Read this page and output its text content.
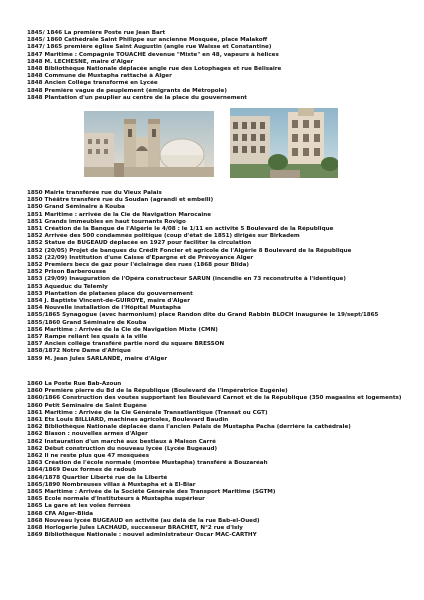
1845/ 1846 La première Poste rue Jean Bart
1845/ 1860 Cathédrale Saint Philippe sur ancienne Mosquée, place Malakoff
1847/ 1865 première église Saint Augustin (angle rue Waïsse et Constantine)
1847 Maritime : Compagnie TOUACHE devenue "Mixte" en 48, vapeurs à hélices
1848 M. LECHESNE, maire d'Alger
1848 Bibliothèque Nationale déplacée angle rue des Lotophages et rue Bélisaire
1848 Commune de Mustapha rattaché à Alger
1848 Ancien Collège transformé en Lycée
1848 Première vague de peuplement (émigrants de Métropole)
1848 Plantation d'un peuplier au centre de la place du gouvernement
1850 Mairie transférée rue du Vieux Palais
1850 Théâtre transféré rue du Soudan (agrandi et embelli)
1850 Grand Séminaire à Kouba
1851 Maritime : arrivée de la Cie de Navigation Marocaine
1851 Grands immeubles en haut tournants Rovigo
1851 Création de la Banque de l'Algérie le 4/08 : le 1/11 en activité 5 Boulevard de la République
1852 Arrivée des 500 condamnés politique (coup d'état de 1851) dirigés sur Birkadem
1852 Statue de BUGEAUD déplacée en 1927 pour faciliter la circulation
1852 (20/05) Projet de banques du Crédit Foncier et agricole de l'Algérie 8 Boulevard de la République
1852 (22/09) Institution d'une Caisse d'Epargne et de Prévoyance Alger
1852 Premiers becs de gaz pour l'éclairage des rues (1868 pour Blida)
1852 Prison Barberousse
1853 (29/09) Inauguration de l'Opéra constructeur SARUN (incendie en 73 reconstruite à l'identique)
1853 Aqueduc du Télemly
1853 Plantation de platanes place du gouvernement
1854 J. Baptiste Vincent-de-GUIROYE, maire d'Alger
1854 Nouvelle installation de l'Hôpital Mustapha
1855/1865 Synagogue (avec harmonium) place Randon dite du Grand Rabbin BLOCH inaugurée le 19/sept/1865
1855/1860 Grand Séminaire de Kouba
1856 Maritime : Arrivée de la Cie de Navigation Mixte (CMN)
1857 Rampe reliant les quais à la ville
1857 Ancien collège transféré partie nord du square BRESSON
1858/1872 Notre Dame d'Afrique
1859 M. Jean Jules SARLANDE, maire d'Alger
1860 La Poste Rue Bab-Azoun
1860 Première pierre du Bd de la République (Boulevard de l'Impératrice Eugénie)
1860/1866 Construction des voutes supportant les Boulevard Carnot et de la République (350 magasins et logements)
1860 Petit Séminaire de Saint Eugène
1861 Maritime : Arrivée de la Cie Générale Transatlantique (Transat ou CGT)
1861 Ets Louis BILLIARD, machines agricoles, Boulevard Baudin
1862 Bibliothèque Nationale déplacée dans l'ancien Palais de Mustapha Pacha (derrière la cathédrale)
1862 Blason : nouvelles armes d'Alger
1862 Instauration d'un marché aux bestiaux à Maison Carré
1862 Début construction du nouveau lycée (Lycée Bugeaud)
1862 Il ne reste plus que 47 mosquées
1863 Création de l'école normale (montée Mustapha) transféré à Bouzaréah
1864/1869 Deux formes de radoub
1864/1878 Quartier Liberté rue de la Liberté
1865/1890 Nombreuses villas à Mustapha et à El-Biar
1865 Maritime : Arrivée de la Société Générale des Transport Maritime (SGTM)
1865 Ecole normale d'Instituteurs à Mustapha supérieur
1865 La gare et les voies ferrées
1868 CFA Alger-Blida
1868 Nouveau lycée BUGEAUD en activité (au delà de la rue Bab-el-Oued)
1868 Horlogerie Jules LACHAUD, successeur BRACHET, N°2 rue d'Isly
1869 Bibliothèque Nationale : nouvel administrateur Oscar MAC-CARTHY
